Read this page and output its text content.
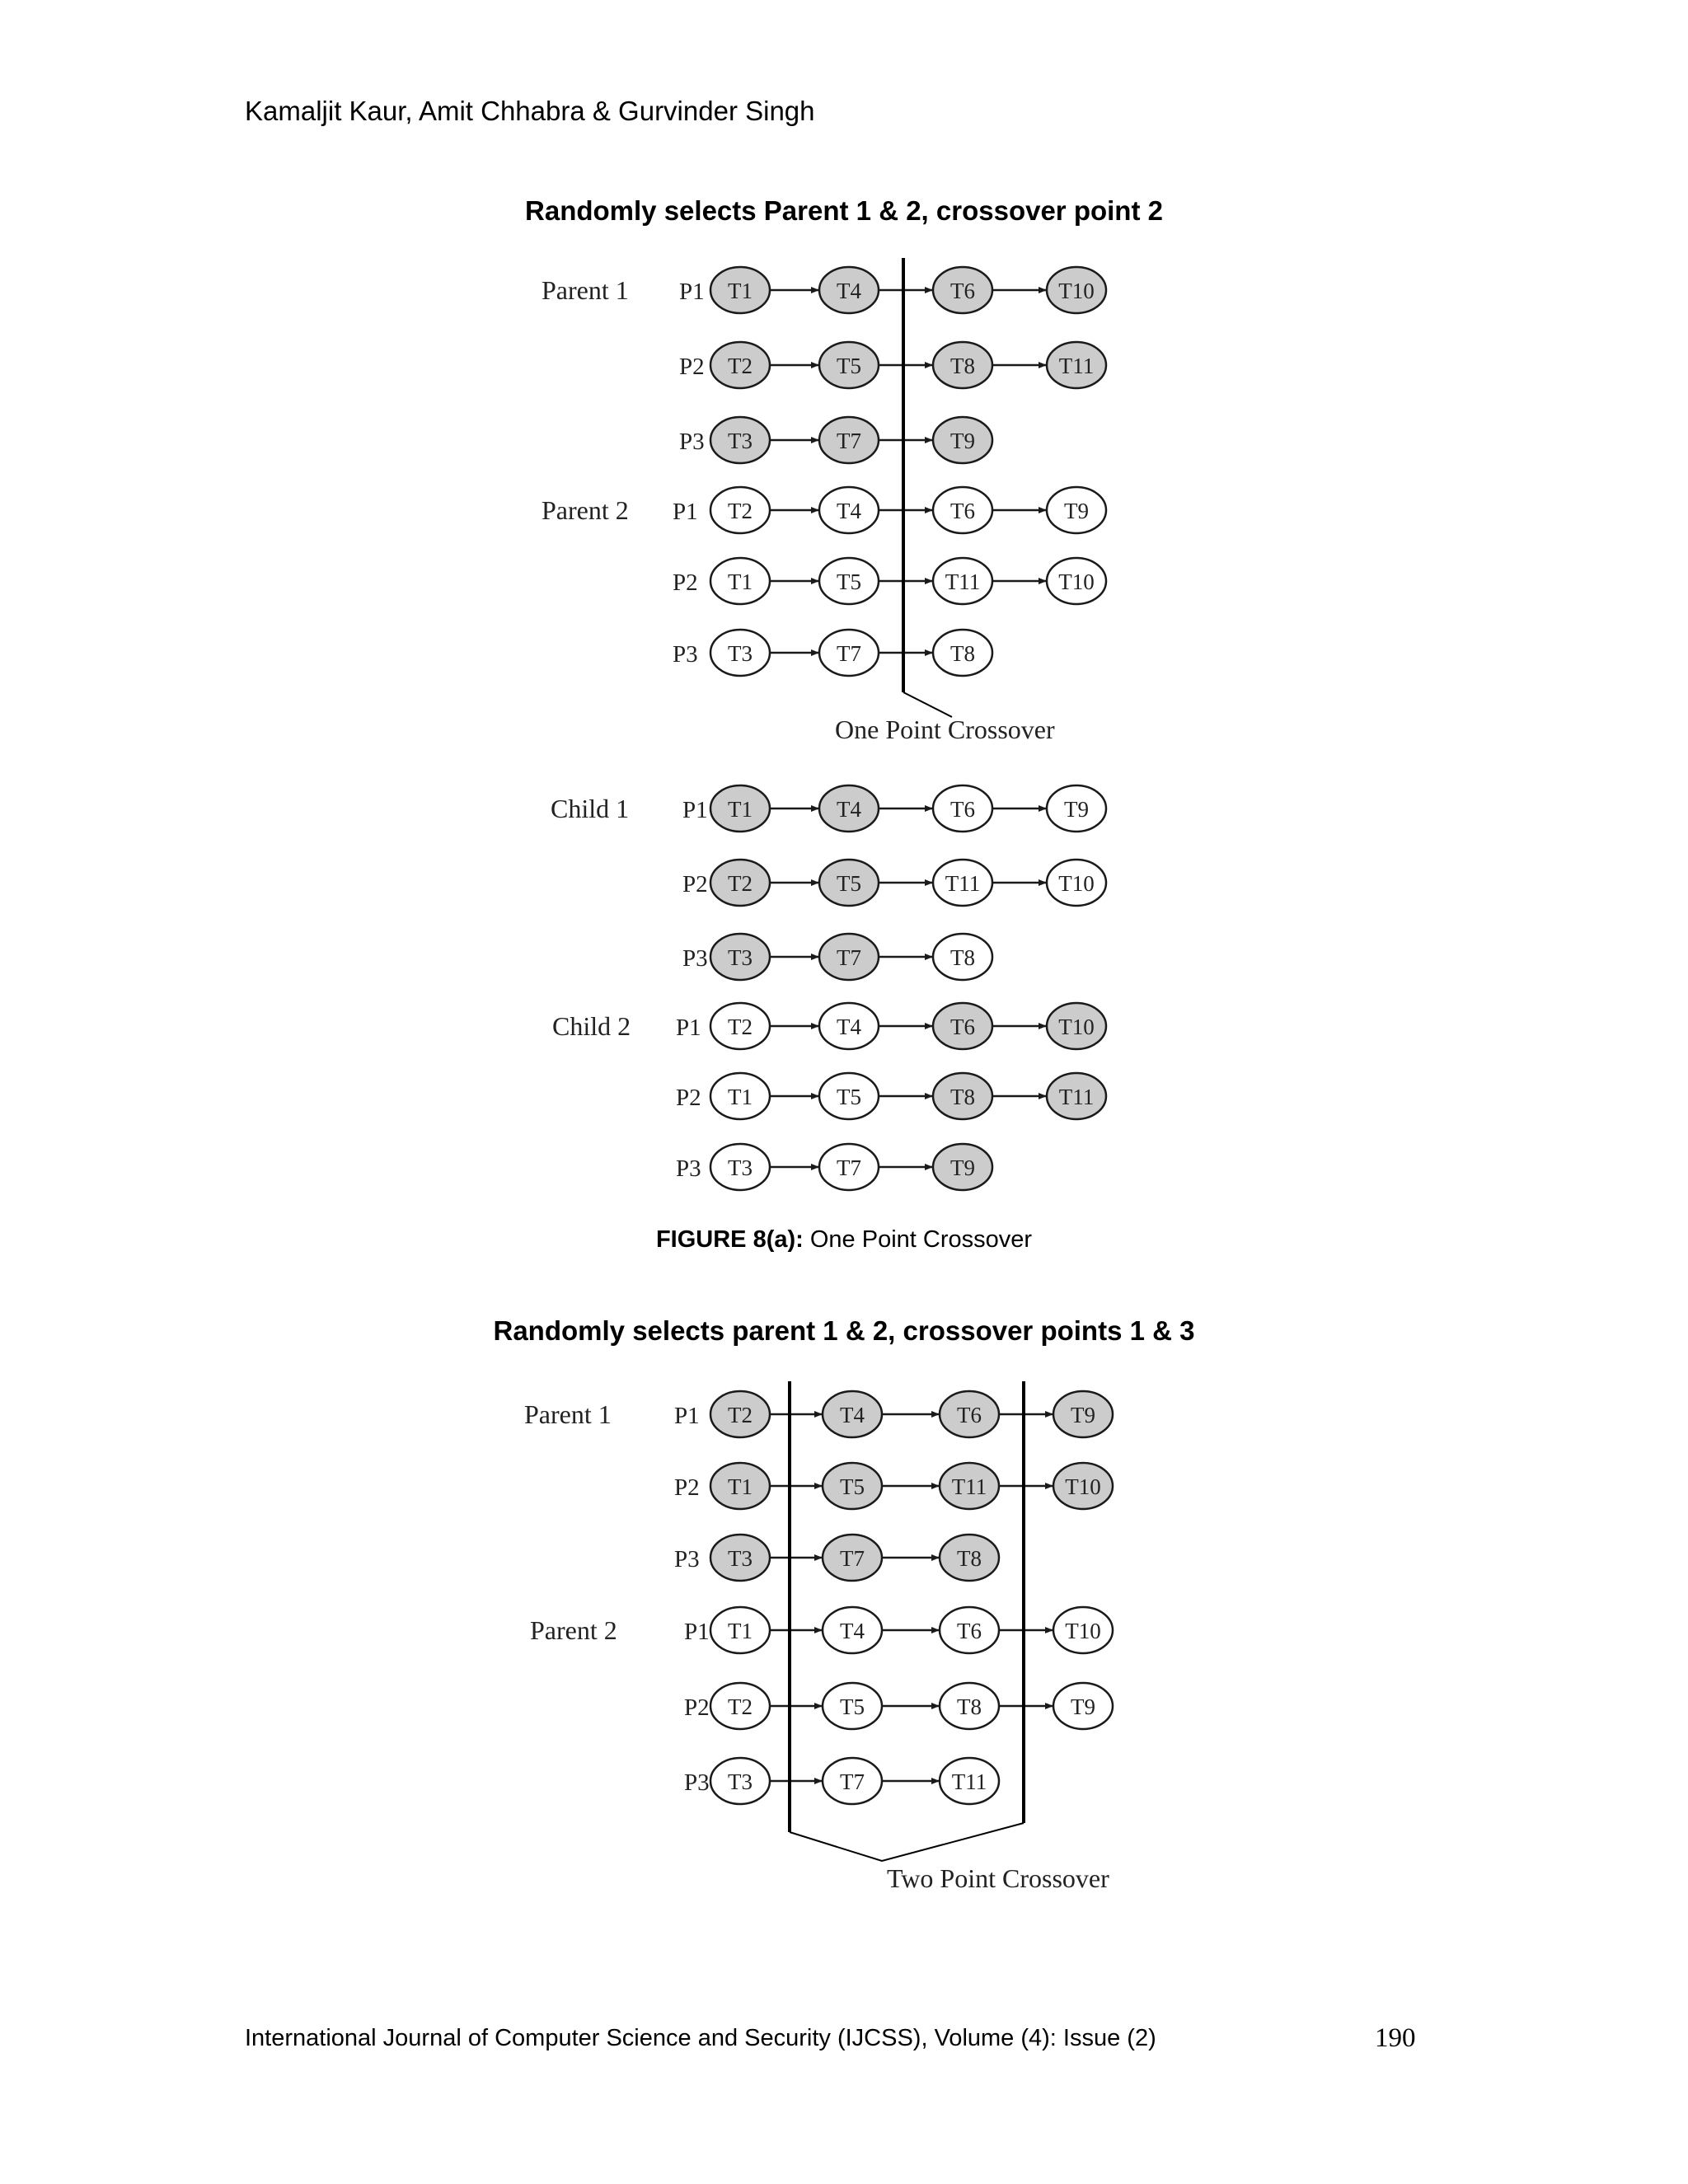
Kamaljit Kaur, Amit Chhabra & Gurvinder Singh
Randomly selects Parent 1 & 2, crossover point 2
Parent 1 P1 T1	T4	T6	T10
P2 T2	T5	T8	T11
P3 T3	T7	T9
Parent 2 P1 T2	T4	T6	T9
P2 T1	T5	T11	T10
P3 T3	T7	T8
Child 1 P1 T1	T4	T6	T9
P2 T2	T5	T11	T10
P3 T3	T7	T8
Child 2 P1 T2	T4	T6	T10
P2 T1	T5	T8	T11
P3 T3	T7	T9
One Point Crossover
Parent 1	P1 T2	T4	T6	T9
P2 T1	T5	T11	T10
P3 T3	T7	T8
Parent 2	P1 T1	T4	T6	T10
P2 T2	T5	T8	T9
P3 T3	T7	T11
Two Point Crossover
FIGURE 8(a): One Point Crossover
Randomly selects parent 1 & 2, crossover points 1 & 3
International Journal of Computer Science and Security (IJCSS), Volume (4): Issue (2)	190
